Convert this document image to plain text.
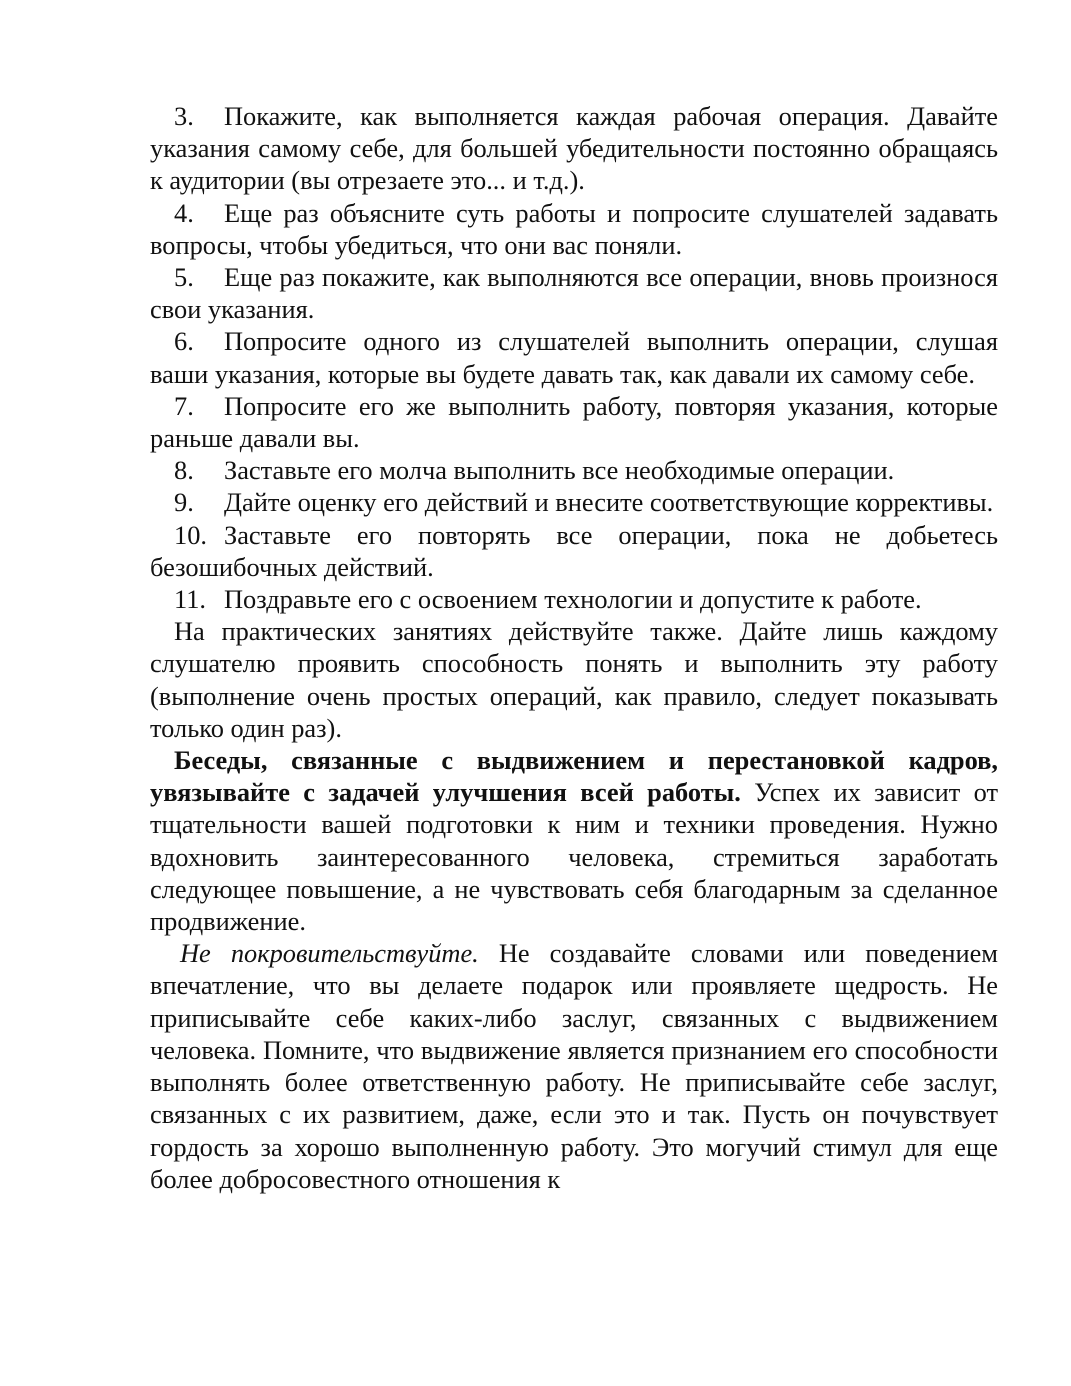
3. Покажите, как выполняется каждая рабочая операция. Давайте указания самому себе, для большей убедительности постоянно обращаясь к аудитории (вы отрезаете это... и т.д.).

4. Еще раз объясните суть работы и попросите слушателей задавать вопросы, чтобы убедиться, что они вас поняли.

5. Еще раз покажите, как выполняются все операции, вновь произнося свои указания.

6. Попросите одного из слушателей выполнить операции, слушая ваши указания, которые вы будете давать так, как давали их самому себе.

7. Попросите его же выполнить работу, повторяя указания, которые раньше давали вы.

8. Заставьте его молча выполнить все необходимые операции.

9. Дайте оценку его действий и внесите соответствующие коррективы.

10. Заставьте его повторять все операции, пока не добьетесь безошибочных действий.

11. Поздравьте его с освоением технологии и допустите к работе.

На практических занятиях действуйте также. Дайте лишь каждому слушателю проявить способность понять и выполнить эту работу (выполнение очень простых операций, как правило, следует показывать только один раз).

Беседы, связанные с выдвижением и перестановкой кадров, увязывайте с задачей улучшения всей работы. Успех их зависит от тщательности вашей подготовки к ним и техники проведения. Нужно вдохновить заинтересованного человека, стремиться заработать следующее повышение, а не чувствовать себя благодарным за сделанное продвижение.

Не покровительствуйте. Не создавайте словами или поведением впечатление, что вы делаете подарок или проявляете щедрость. Не приписывайте себе каких-либо заслуг, связанных с выдвижением человека. Помните, что выдвижение является признанием его способности выполнять более ответственную работу. Не приписывайте себе заслуг, связанных с их развитием, даже, если это и так. Пусть он почувствует гордость за хорошо выполненную работу. Это могучий стимул для еще более добросовестного отношения к
